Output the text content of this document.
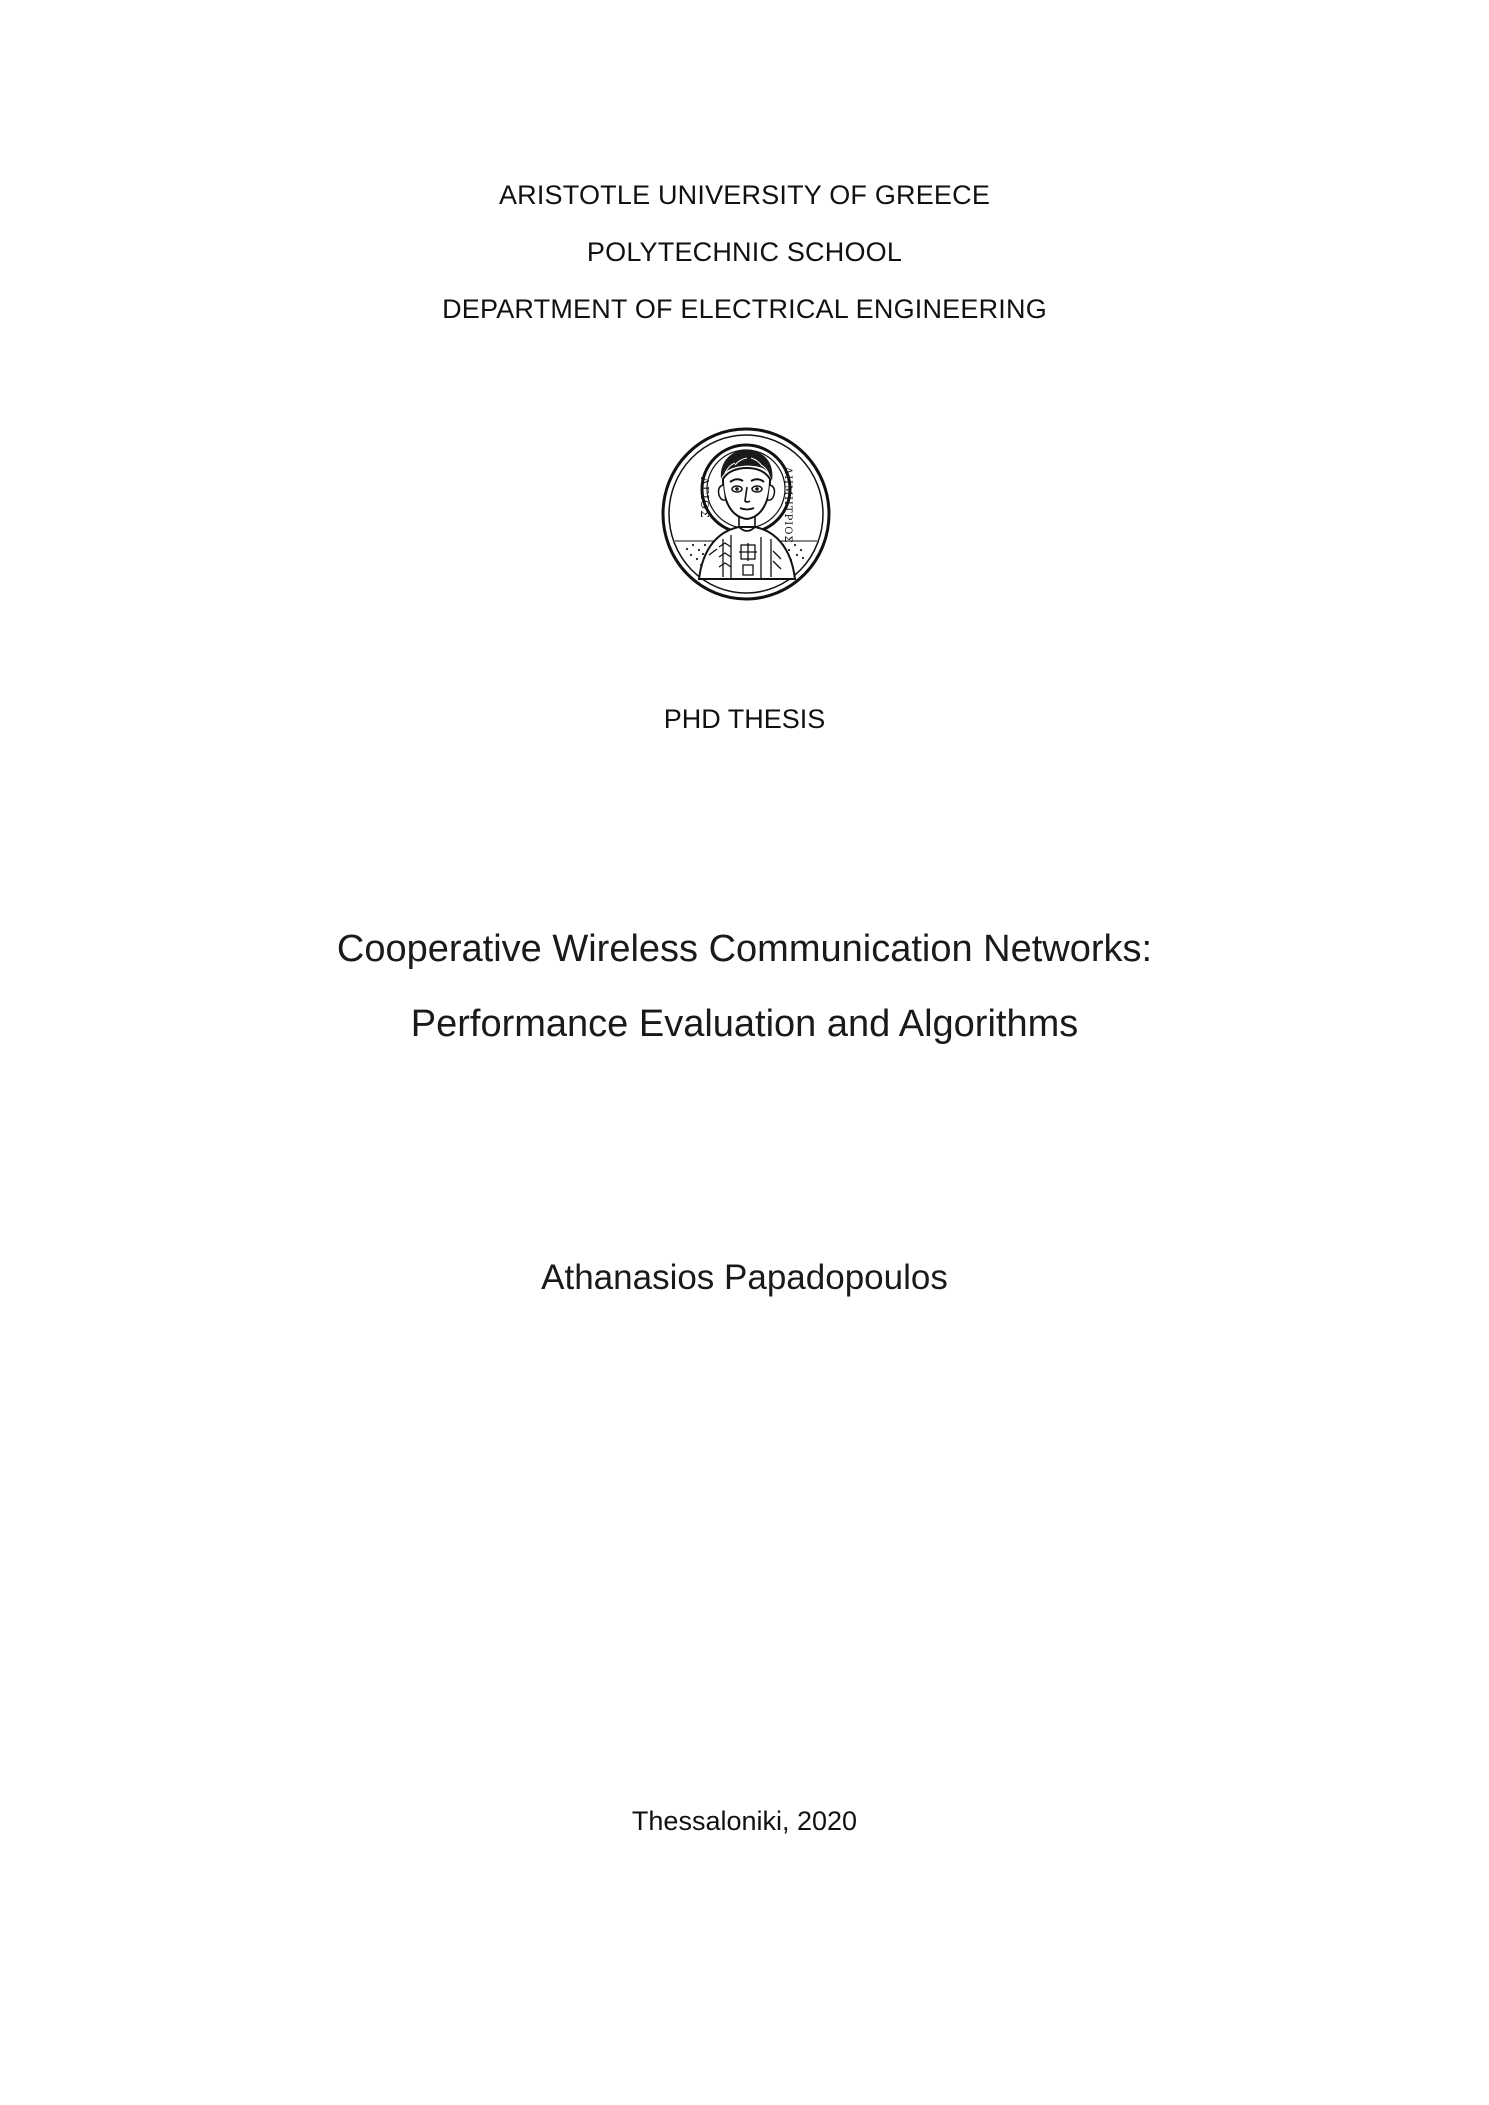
ARISTOTLE UNIVERSITY OF GREECE
POLYTECHNIC SCHOOL
DEPARTMENT OF ELECTRICAL ENGINEERING
ΑΓΙΟΣ	ΔΗΜΗΤΡΙΟΣ
PHD THESIS
Cooperative Wireless Communication Networks:
Performance Evaluation and Algorithms
Athanasios Papadopoulos
Thessaloniki, 2020
